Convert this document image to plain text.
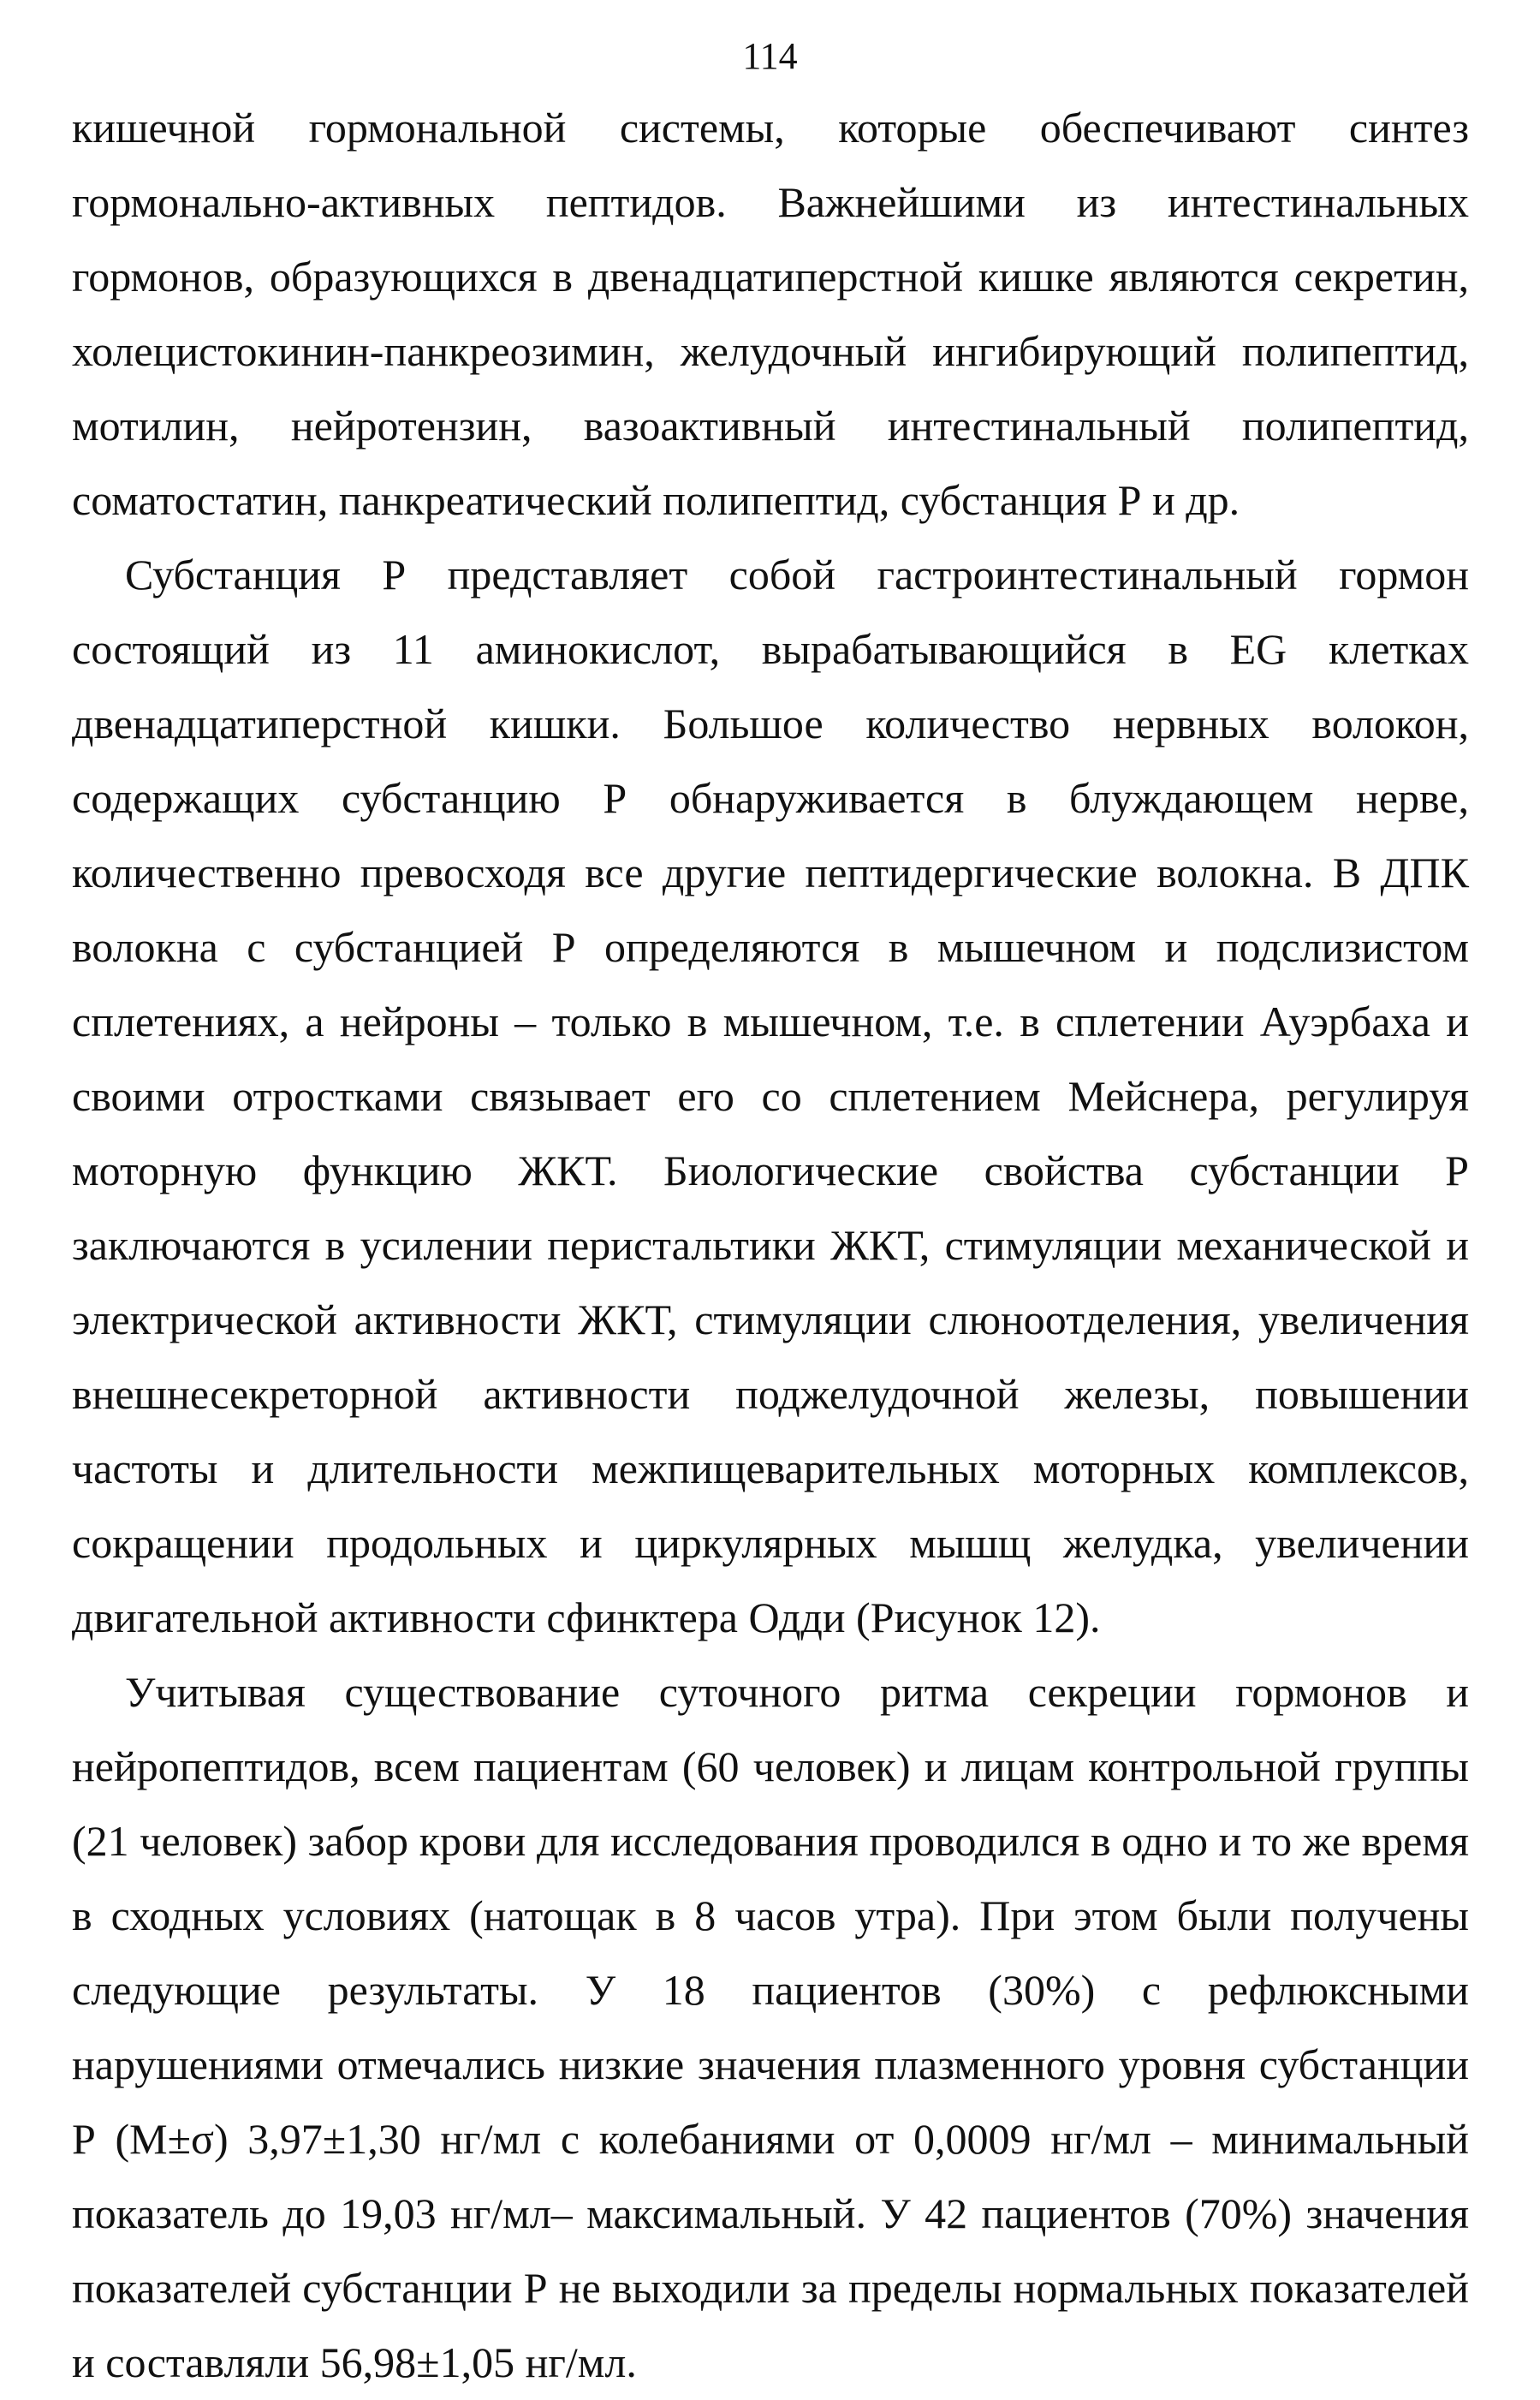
114

кишечной гормональной системы, которые обеспечивают синтез гормонально-активных пептидов. Важнейшими из интестинальных гормонов, образующихся в двенадцатиперстной кишке являются секретин, холецистокинин-панкреозимин, желудочный ингибирующий полипептид, мотилин, нейротензин, вазоактивный интестинальный полипептид, соматостатин, панкреатический полипептид, субстанция Р и др.

Субстанция Р представляет собой гастроинтестинальный гормон состоящий из 11 аминокислот, вырабатывающийся в EG клетках двенадцатиперстной кишки. Большое количество нервных волокон, содержащих субстанцию Р обнаруживается в блуждающем нерве, количественно превосходя все другие пептидергические волокна. В ДПК волокна с субстанцией Р определяются в мышечном и подслизистом сплетениях, а нейроны – только в мышечном, т.е. в сплетении Ауэрбаха и своими отростками связывает его со сплетением Мейснера, регулируя моторную функцию ЖКТ. Биологические свойства субстанции Р заключаются в усилении перистальтики ЖКТ, стимуляции механической и электрической активности ЖКТ, стимуляции слюноотделения, увеличения внешнесекреторной активности поджелудочной железы, повышении частоты и длительности межпищеварительных моторных комплексов, сокращении продольных и циркулярных мышщ желудка, увеличении двигательной активности сфинктера Одди (Рисунок 12).

Учитывая существование суточного ритма секреции гормонов и нейропептидов, всем пациентам (60 человек) и лицам контрольной группы (21 человек) забор крови для исследования проводился в одно и то же время в сходных условиях (натощак в 8 часов утра). При этом были получены следующие результаты. У 18 пациентов (30%) с рефлюксными нарушениями отмечались низкие значения плазменного уровня субстанции Р (М±σ) 3,97±1,30 нг/мл с колебаниями от 0,0009 нг/мл – минимальный показатель до 19,03 нг/мл– максимальный. У 42 пациентов (70%) значения показателей субстанции Р не выходили за пределы нормальных показателей и составляли 56,98±1,05 нг/мл.
